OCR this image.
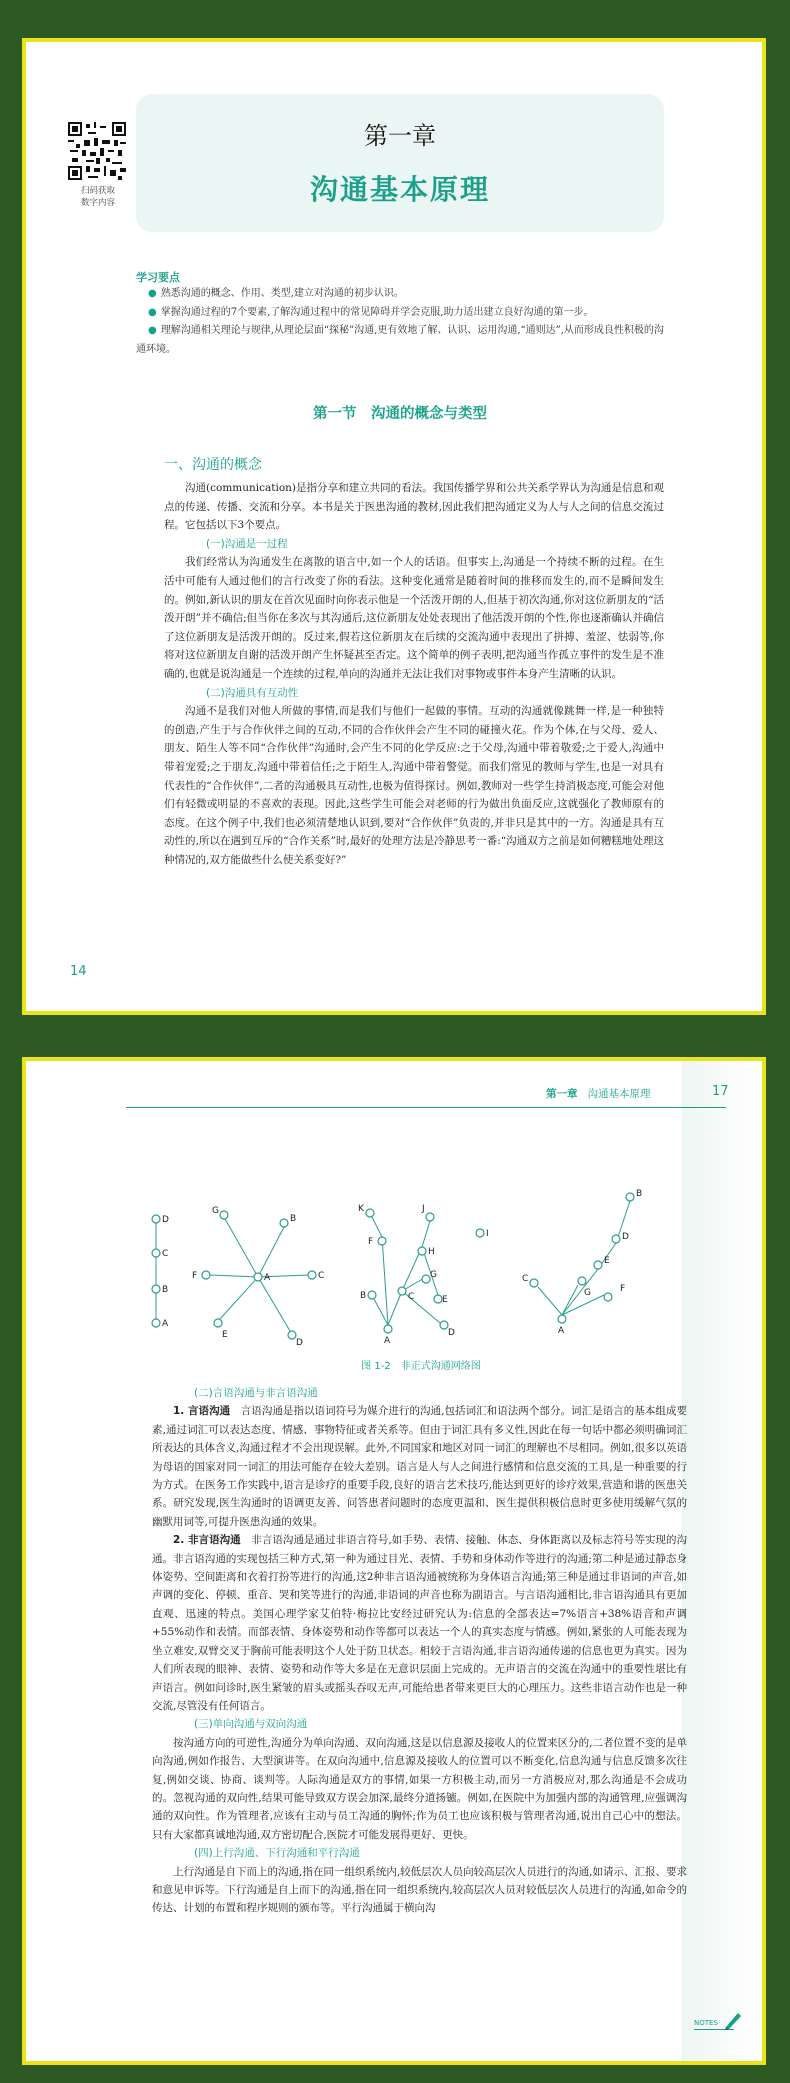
扫码获取
数字内容
第一章
沟通基本原理
学习要点

● 熟悉沟通的概念、作用、类型,建立对沟通的初步认识。

● 掌握沟通过程的7个要素,了解沟通过程中的常见障碍并学会克服,助力适出建立良好沟通的第一步。

● 理解沟通相关理论与规律,从理论层面“探秘”沟通,更有效地了解、认识、运用沟通,“通则达”,从而形成良性积极的沟通环境。

第一节　沟通的概念与类型
一、沟通的概念

沟通(communication)是指分享和建立共同的看法。我国传播学界和公共关系学界认为沟通是信息和观点的传递、传播、交流和分享。本书是关于医患沟通的教材,因此我们把沟通定义为人与人之间的信息交流过程。它包括以下3个要点。

(一)沟通是一过程

我们经常认为沟通发生在离散的语言中,如一个人的话语。但事实上,沟通是一个持续不断的过程。在生活中可能有人通过他们的言行改变了你的看法。这种变化通常是随着时间的推移而发生的,而不是瞬间发生的。例如,新认识的朋友在首次见面时向你表示他是一个活泼开朗的人,但基于初次沟通,你对这位新朋友的“活泼开朗”并不确信;但当你在多次与其沟通后,这位新朋友处处表现出了他活泼开朗的个性,你也逐渐确认并确信了这位新朋友是活泼开朗的。反过来,假若这位新朋友在后续的交流沟通中表现出了拼搏、羞涩、怯弱等,你将对这位新朋友自谢的活泼开朗产生怀疑甚至否定。这个简单的例子表明,把沟通当作孤立事件的发生是不准确的,也就是说沟通是一个连续的过程,单向的沟通并无法让我们对事物或事件本身产生清晰的认识。

(二)沟通具有互动性

沟通不是我们对他人所做的事情,而是我们与他们一起做的事情。互动的沟通就像跳舞一样,是一种独特的创造,产生于与合作伙伴之间的互动,不同的合作伙伴会产生不同的碰撞火花。作为个体,在与父母、爱人、朋友、陌生人等不同“合作伙伴”沟通时,会产生不同的化学反应:之于父母,沟通中带着敬爱;之于爱人,沟通中带着宠爱;之于朋友,沟通中带着信任;之于陌生人,沟通中带着警觉。而我们常见的教师与学生,也是一对具有代表性的“合作伙伴”,二者的沟通极具互动性,也极为值得探讨。例如,教师对一些学生持消极态度,可能会对他们有轻微或明显的不喜欢的表现。因此,这些学生可能会对老师的行为做出负面反应,这就强化了教师原有的态度。在这个例子中,我们也必须清楚地认识到,要对“合作伙伴”负责的,并非只是其中的一方。沟通是具有互动性的,所以在遇到互斥的“合作关系”时,最好的处理方法是冷静思考一番:“沟通双方之前是如何糟糕地处理这种情况的,双方能做些什么使关系变好?”

14
第一章 沟通基本原理	17
D
C
B
A
G
B
F	A	C
E
D
K	J
I
F
H
B
G
E
A
C
D
B
D
E
F
C
G
A
图 1-2　非正式沟通网络图

(二)言语沟通与非言语沟通

1. 言语沟通　 言语沟通是指以语词符号为媒介进行的沟通,包括词汇和语法两个部分。词汇是语言的基本组成要素,通过词汇可以表达态度、情感、事物特征或者关系等。但由于词汇具有多义性,因此在每一句话中都必须明确词汇所表达的具体含义,沟通过程才不会出现误解。此外,不同国家和地区对同一词汇的理解也不尽相同。例如,很多以英语为母语的国家对同一词汇的用法可能存在较大差别。语言是人与人之间进行感情和信息交流的工具,是一种重要的行为方式。在医务工作实践中,语言是诊疗的重要手段,良好的语言艺术技巧,能达到更好的诊疗效果,营造和谐的医患关系。研究发现,医生沟通时的语调更友善、问答患者问题时的态度更温和、医生提供积极信息时更多使用缓解气氛的幽默用词等,可提升医患沟通的效果。

2. 非言语沟通　 非言语沟通是通过非语言符号,如手势、表情、接触、体态、身体距离以及标志符号等实现的沟通。非言语沟通的实现包括三种方式,第一种为通过目光、表情、手势和身体动作等进行的沟通;第二种是通过静态身体姿势、空间距离和衣着打扮等进行的沟通,这2种非言语沟通被统称为身体语言沟通;第三种是通过非语词的声音,如声调的变化、停顿、重音、哭和笑等进行的沟通,非语词的声音也称为副语言。与言语沟通相比,非言语沟通具有更加直观、迅速的特点。美国心理学家艾伯特·梅拉比安经过研究认为:信息的全部表达=7%语言+38%语音和声调+55%动作和表情。而部表情、身体姿势和动作等都可以表达一个人的真实态度与情感。例如,紧张的人可能表现为坐立难安,双臂交叉于胸前可能表明这个人处于防卫状态。相较于言语沟通,非言语沟通传递的信息也更为真实。因为人们所表现的眼神、表情、姿势和动作等大多是在无意识层面上完成的。无声语言的交流在沟通中的重要性堪比有声语言。例如问诊时,医生紧皱的眉头或摇头吞叹无声,可能给患者带来更巨大的心理压力。这些非语言动作也是一种交流,尽管没有任何语言。

(三)单向沟通与双向沟通

按沟通方向的可逆性,沟通分为单向沟通、双向沟通,这是以信息源及接收人的位置来区分的,二者位置不变的是单向沟通,例如作报告、大型演讲等。在双向沟通中,信息源及接收人的位置可以不断变化,信息沟通与信息反馈多次往复,例如交谈、协商、谈判等。人际沟通是双方的事情,如果一方积极主动,而另一方消极应对,那么沟通是不会成功的。忽视沟通的双向性,结果可能导致双方误会加深,最终分道扬镳。例如,在医院中为加强内部的沟通管理,应强调沟通的双向性。作为管理者,应该有主动与员工沟通的胸怀;作为员工也应该积极与管理者沟通,说出自己心中的想法。只有大家都真诚地沟通,双方密切配合,医院才可能发展得更好、更快。

(四)上行沟通、下行沟通和平行沟通

上行沟通是自下而上的沟通,指在同一组织系统内,较低层次人员向较高层次人员进行的沟通,如请示、汇报、要求和意见申诉等。下行沟通是自上而下的沟通,指在同一组织系统内,较高层次人员对较低层次人员进行的沟通,如命令的传达、计划的布置和程序规则的颁布等。平行沟通属于横向沟

NOTES
